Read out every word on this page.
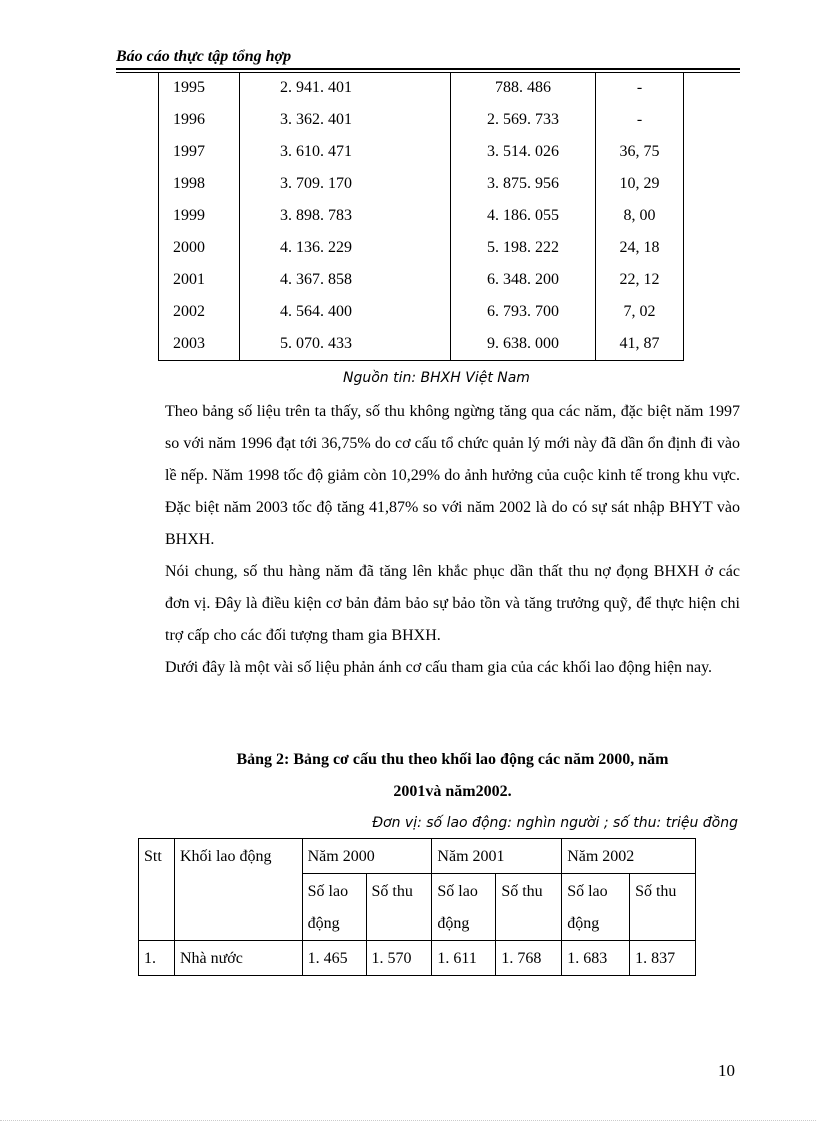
Báo cáo thực tập tổng hợp
1995	2. 941. 401	788. 486	-
1996	3. 362. 401	2. 569. 733	-
1997	3. 610. 471	3. 514. 026	36, 75
1998	3. 709. 170	3. 875. 956	10, 29
1999	3. 898. 783	4. 186. 055	8, 00
2000	4. 136. 229	5. 198. 222	24, 18
2001	4. 367. 858	6. 348. 200	22, 12
2002	4. 564. 400	6. 793. 700	7, 02
2003	5. 070. 433	9. 638. 000	41, 87
Nguồn tin: BHXH Việt Nam

Theo bảng số liệu trên ta thấy, số thu không ngừng tăng qua các năm, đặc biệt năm 1997 so với năm 1996 đạt tới 36,75% do cơ cấu tổ chức quản lý mới này đã dần ổn định đi vào lề nếp. Năm 1998 tốc độ giảm còn 10,29% do ảnh hưởng của cuộc kinh tế trong khu vực. Đặc biệt năm 2003 tốc độ tăng 41,87% so với năm 2002 là do có sự sát nhập BHYT vào BHXH.

Nói chung, số thu hàng năm đã tăng lên khắc phục dần thất thu nợ đọng BHXH ở các đơn vị. Đây là điều kiện cơ bản đảm bảo sự bảo tồn và tăng trưởng quỹ, để thực hiện chi trợ cấp cho các đối tượng tham gia BHXH.

Dưới đây là một vài số liệu phản ánh cơ cấu tham gia của các khối lao động hiện nay.

Bảng 2: Bảng cơ cấu thu theo khối lao động các năm 2000, năm
2001và năm2002.
Đơn vị: số lao động: nghìn người ; số thu: triệu đồng
Stt	Khối lao động	Năm 2000		Năm 2001		Năm 2002	
		Số lao động	Số thu	Số lao động	Số thu	Số lao động	Số thu
1.	Nhà nước	1. 465	1. 570	1. 611	1. 768	1. 683	1. 837
10
